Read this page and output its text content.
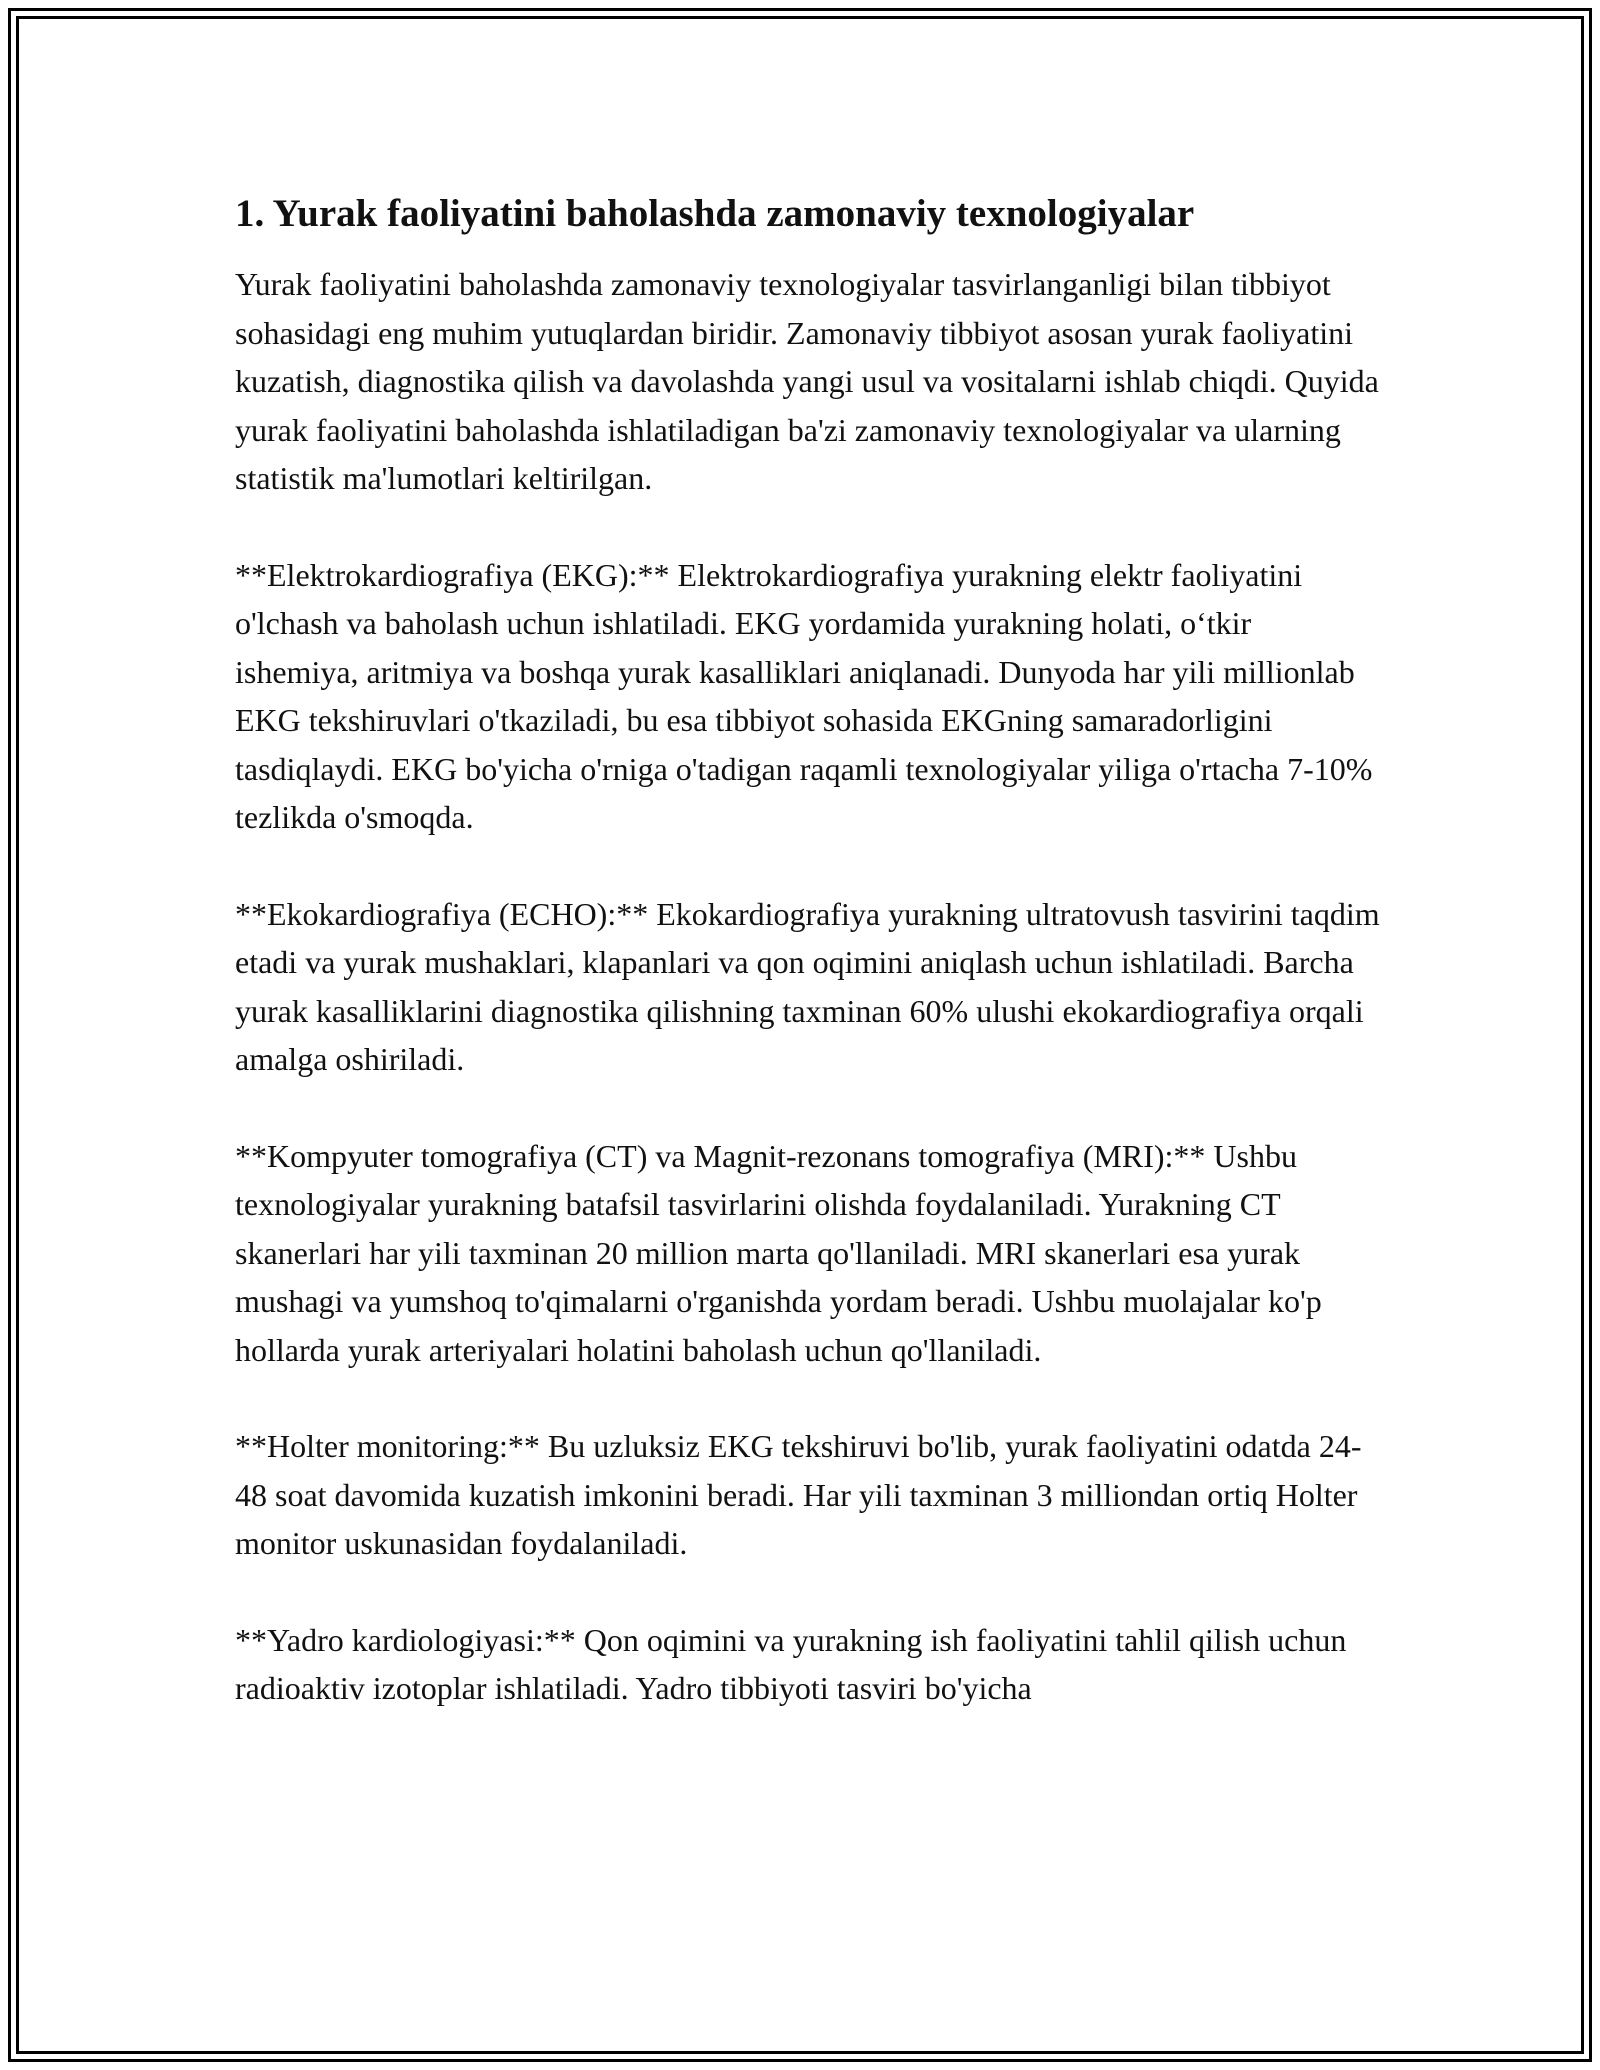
1. Yurak faoliyatini baholashda zamonaviy texnologiyalar

Yurak faoliyatini baholashda zamonaviy texnologiyalar tasvirlanganligi bilan tibbiyot sohasidagi eng muhim yutuqlardan biridir. Zamonaviy tibbiyot asosan yurak faoliyatini kuzatish, diagnostika qilish va davolashda yangi usul va vositalarni ishlab chiqdi. Quyida yurak faoliyatini baholashda ishlatiladigan ba'zi zamonaviy texnologiyalar va ularning statistik ma'lumotlari keltirilgan.

**Elektrokardiografiya (EKG):** Elektrokardiografiya yurakning elektr faoliyatini o'lchash va baholash uchun ishlatiladi. EKG yordamida yurakning holati, o‘tkir ishemiya, aritmiya va boshqa yurak kasalliklari aniqlanadi. Dunyoda har yili millionlab EKG tekshiruvlari o'tkaziladi, bu esa tibbiyot sohasida EKGning samaradorligini tasdiqlaydi. EKG bo'yicha o'rniga o'tadigan raqamli texnologiyalar yiliga o'rtacha 7-10% tezlikda o'smoqda.

**Ekokardiografiya (ECHO):** Ekokardiografiya yurakning ultratovush tasvirini taqdim etadi va yurak mushaklari, klapanlari va qon oqimini aniqlash uchun ishlatiladi. Barcha yurak kasalliklarini diagnostika qilishning taxminan 60% ulushi ekokardiografiya orqali amalga oshiriladi.

**Kompyuter tomografiya (CT) va Magnit-rezonans tomografiya (MRI):** Ushbu texnologiyalar yurakning batafsil tasvirlarini olishda foydalaniladi. Yurakning CT skanerlari har yili taxminan 20 million marta qo'llaniladi. MRI skanerlari esa yurak mushagi va yumshoq to'qimalarni o'rganishda yordam beradi. Ushbu muolajalar ko'p hollarda yurak arteriyalari holatini baholash uchun qo'llaniladi.

**Holter monitoring:** Bu uzluksiz EKG tekshiruvi bo'lib, yurak faoliyatini odatda 24-48 soat davomida kuzatish imkonini beradi. Har yili taxminan 3 milliondan ortiq Holter monitor uskunasidan foydalaniladi.

**Yadro kardiologiyasi:** Qon oqimini va yurakning ish faoliyatini tahlil qilish uchun radioaktiv izotoplar ishlatiladi. Yadro tibbiyoti tasviri bo'yicha
